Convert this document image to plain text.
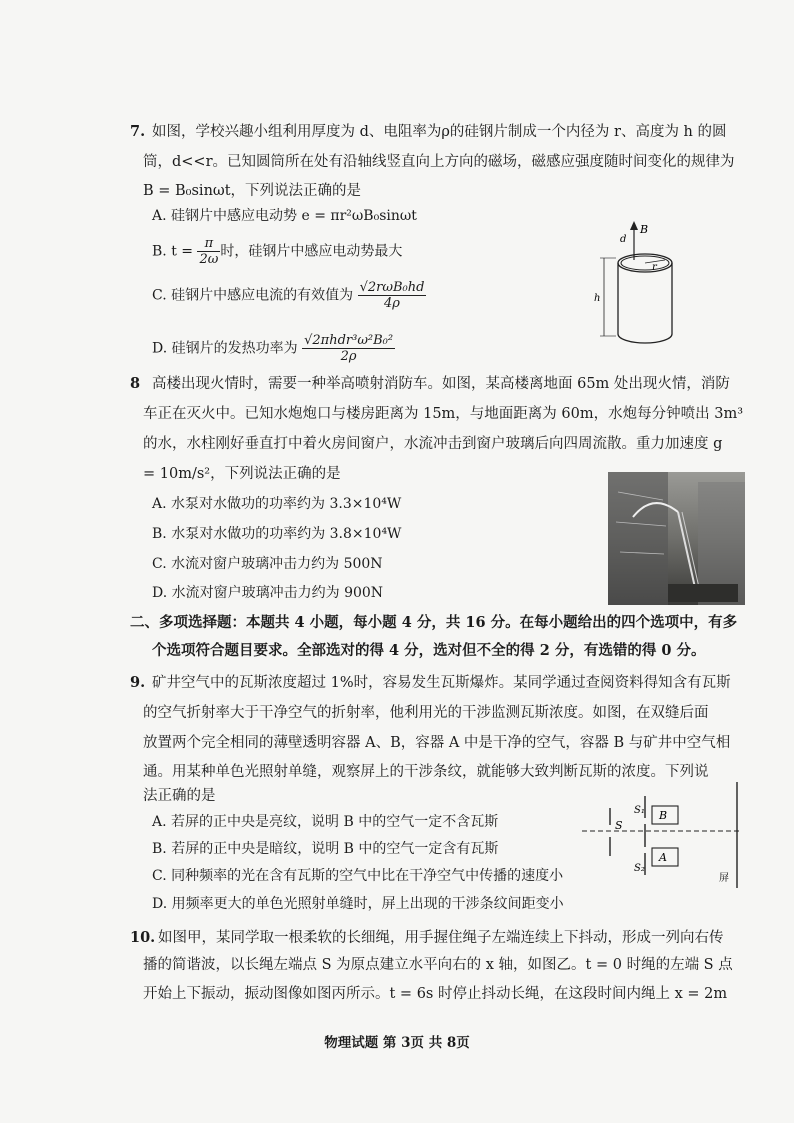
7. 如图，学校兴趣小组利用厚度为 d、电阻率为ρ的硅钢片制成一个内径为 r、高度为 h 的圆
筒，d<<r。已知圆筒所在处有沿轴线竖直向上方向的磁场，磁感应强度随时间变化的规律为
B = B₀sinωt，下列说法正确的是
A. 硅钢片中感应电动势 e = πr²ωB₀sinωt
B. $t = \frac{\pi}{2\omega}$ 时，硅钢片中感应电动势最大
C. 硅钢片中感应电流的有效值为 $\frac{\text{√2rωB₀hd}}{4\rho}$
D. 硅钢片的发热功率为 $\frac{\text{√2πhdr³ω²B₀²}}{2\rho}$
B
d
r
h
8 高楼出现火情时，需要一种举高喷射消防车。如图，某高楼离地面 65m 处出现火情，消防
车正在灭火中。已知水炮炮口与楼房距离为 15m，与地面距离为 60m，水炮每分钟喷出 3m³
的水，水柱刚好垂直打中着火房间窗户，水流冲击到窗户玻璃后向四周流散。重力加速度 g
= 10m/s²，下列说法正确的是
A. 水泵对水做功的功率约为 3.3×10⁴W
B. 水泵对水做功的功率约为 3.8×10⁴W
C. 水流对窗户玻璃冲击力约为 500N
D. 水流对窗户玻璃冲击力约为 900N
二、多项选择题：本题共 4 小题，每小题 4 分，共 16 分。在每小题给出的四个选项中，有多
个选项符合题目要求。全部选对的得 4 分，选对但不全的得 2 分，有选错的得 0 分。
9. 矿井空气中的瓦斯浓度超过 1%时，容易发生瓦斯爆炸。某同学通过查阅资料得知含有瓦斯
的空气折射率大于干净空气的折射率，他利用光的干涉监测瓦斯浓度。如图，在双缝后面
放置两个完全相同的薄壁透明容器 A、B，容器 A 中是干净的空气，容器 B 与矿井中空气相
通。用某种单色光照射单缝，观察屏上的干涉条纹，就能够大致判断瓦斯的浓度。下列说
法正确的是
A. 若屏的正中央是亮纹，说明 B 中的空气一定不含瓦斯
B. 若屏的正中央是暗纹，说明 B 中的空气一定含有瓦斯
C. 同种频率的光在含有瓦斯的空气中比在干净空气中传播的速度小
D. 用频率更大的单色光照射单缝时，屏上出现的干涉条纹间距变小
S
S₁
S₂
B
A
屏
10. 如图甲，某同学取一根柔软的长细绳，用手握住绳子左端连续上下抖动，形成一列向右传
播的简谐波，以长绳左端点 S 为原点建立水平向右的 x 轴，如图乙。t = 0 时绳的左端 S 点
开始上下振动，振动图像如图丙所示。t = 6s 时停止抖动长绳，在这段时间内绳上 x = 2m
物理试题 第 3页 共 8页
